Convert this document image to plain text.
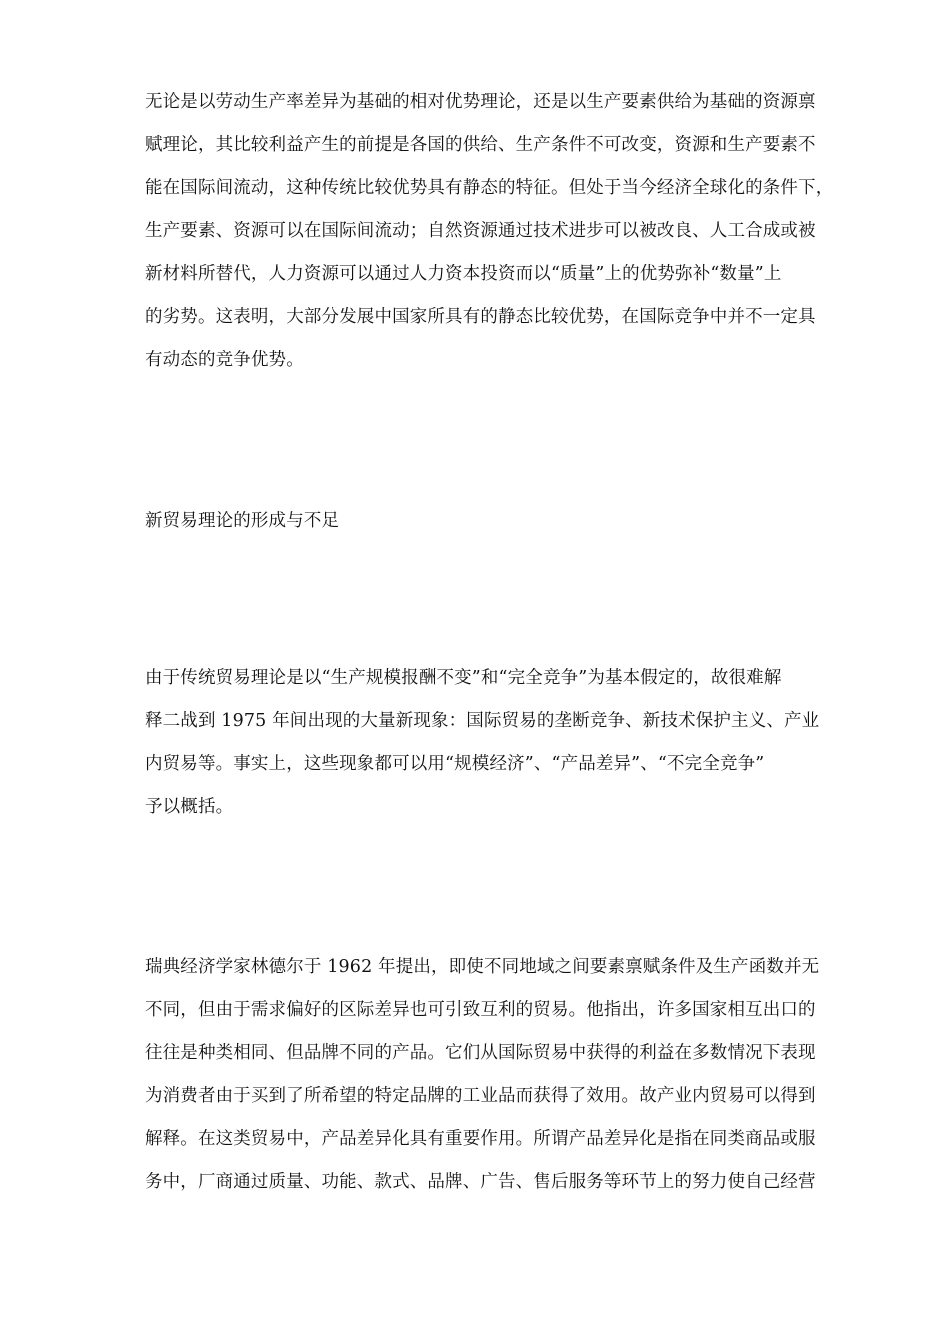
无论是以劳动生产率差异为基础的相对优势理论，还是以生产要素供给为基础的资源禀
赋理论，其比较利益产生的前提是各国的供给、生产条件不可改变，资源和生产要素不
能在国际间流动，这种传统比较优势具有静态的特征。但处于当今经济全球化的条件下，
生产要素、资源可以在国际间流动；自然资源通过技术进步可以被改良、人工合成或被
新材料所替代，人力资源可以通过人力资本投资而以“质量”上的优势弥补“数量”上
的劣势。这表明，大部分发展中国家所具有的静态比较优势，在国际竞争中并不一定具
有动态的竞争优势。
新贸易理论的形成与不足
由于传统贸易理论是以“生产规模报酬不变”和“完全竞争”为基本假定的，故很难解
释二战到 1975 年间出现的大量新现象：国际贸易的垄断竞争、新技术保护主义、产业
内贸易等。事实上，这些现象都可以用“规模经济”、“产品差异”、“不完全竞争”
予以概括。
瑞典经济学家林德尔于 1962 年提出，即使不同地域之间要素禀赋条件及生产函数并无
不同，但由于需求偏好的区际差异也可引致互利的贸易。他指出，许多国家相互出口的
往往是种类相同、但品牌不同的产品。它们从国际贸易中获得的利益在多数情况下表现
为消费者由于买到了所希望的特定品牌的工业品而获得了效用。故产业内贸易可以得到
解释。在这类贸易中，产品差异化具有重要作用。所谓产品差异化是指在同类商品或服
务中，厂商通过质量、功能、款式、品牌、广告、售后服务等环节上的努力使自己经营
